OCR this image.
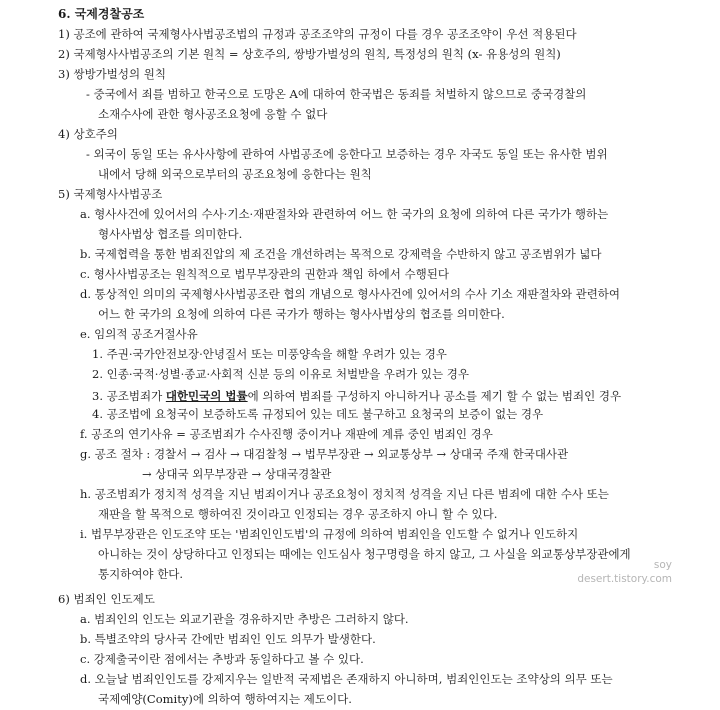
6. 국제경찰공조
1) 공조에 관하여 국제형사사법공조법의 규정과 공조조약의 규정이 다를 경우 공조조약이 우선 적용된다
2) 국제형사사법공조의 기본 원칙 = 상호주의, 쌍방가벌성의 원칙, 특정성의 원칙 (x- 유용성의 원칙)
3) 쌍방가벌성의 원칙
- 중국에서 죄를 범하고 한국으로 도망온 A에 대하여 한국법은 동죄를 처벌하지 않으므로 중국경찰의
소재수사에 관한 형사공조요청에 응할 수 없다
4) 상호주의
- 외국이 동일 또는 유사사항에 관하여 사법공조에 응한다고 보증하는 경우 자국도 동일 또는 유사한 범위
내에서 당해 외국으로부터의 공조요청에 응한다는 원칙
5) 국제형사사법공조
a. 형사사건에 있어서의 수사·기소·재판절차와 관련하여 어느 한 국가의 요청에 의하여 다른 국가가 행하는
형사사법상 협조를 의미한다.
b. 국제협력을 통한 범죄진압의 제 조건을 개선하려는 목적으로 강제력을 수반하지 않고 공조범위가 넓다
c. 형사사법공조는 원칙적으로 법무부장관의 권한과 책임 하에서 수행된다
d. 통상적인 의미의 국제형사사법공조란 협의 개념으로 형사사건에 있어서의 수사 기소 재판절차와 관련하여
어느 한 국가의 요청에 의하여 다른 국가가 행하는 형사사법상의 협조를 의미한다.
e. 임의적 공조거절사유
1. 주권·국가안전보장·안녕질서 또는 미풍양속을 해할 우려가 있는 경우
2. 인종·국적·성별·종교·사회적 신분 등의 이유로 처벌받을 우려가 있는 경우
4. 공조법에 요청국이 보증하도록 규정되어 있는 데도 불구하고 요청국의 보증이 없는 경우
f. 공조의 연기사유 = 공조범죄가 수사진행 중이거나 재판에 계류 중인 범죄인 경우
g. 공조 절차 : 경찰서 → 검사 → 대검찰청 → 법무부장관 → 외교통상부 → 상대국 주재 한국대사관
→ 상대국 외무부장관 → 상대국경찰관
h. 공조범죄가 정치적 성격을 지닌 범죄이거나 공조요청이 정치적 성격을 지닌 다른 범죄에 대한 수사 또는
재판을 할 목적으로 행하여진 것이라고 인정되는 경우 공조하지 아니 할 수 있다.
i. 법무부장관은 인도조약 또는 '범죄인인도법'의 규정에 의하여 범죄인을 인도할 수 없거나 인도하지
아니하는 것이 상당하다고 인정되는 때에는 인도심사 청구명령을 하지 않고, 그 사실을 외교통상부장관에게
통지하여야 한다.
6) 범죄인 인도제도
a. 범죄인의 인도는 외교기관을 경유하지만 추방은 그러하지 않다.
b. 특별조약의 당사국 간에만 범죄인 인도 의무가 발생한다.
c. 강제출국이란 점에서는 추방과 동일하다고 볼 수 있다.
d. 오늘날 범죄인인도를 강제지우는 일반적 국제법은 존재하지 아니하며, 범죄인인도는 조약상의 의무 또는
국제예양(Comity)에 의하여 행하여지는 제도이다.
3. 공조범죄가 대한민국의 법률에 의하여 범죄를 구성하지 아니하거나 공소를 제기 할 수 없는 범죄인 경우
soy
desert.tistory.com
